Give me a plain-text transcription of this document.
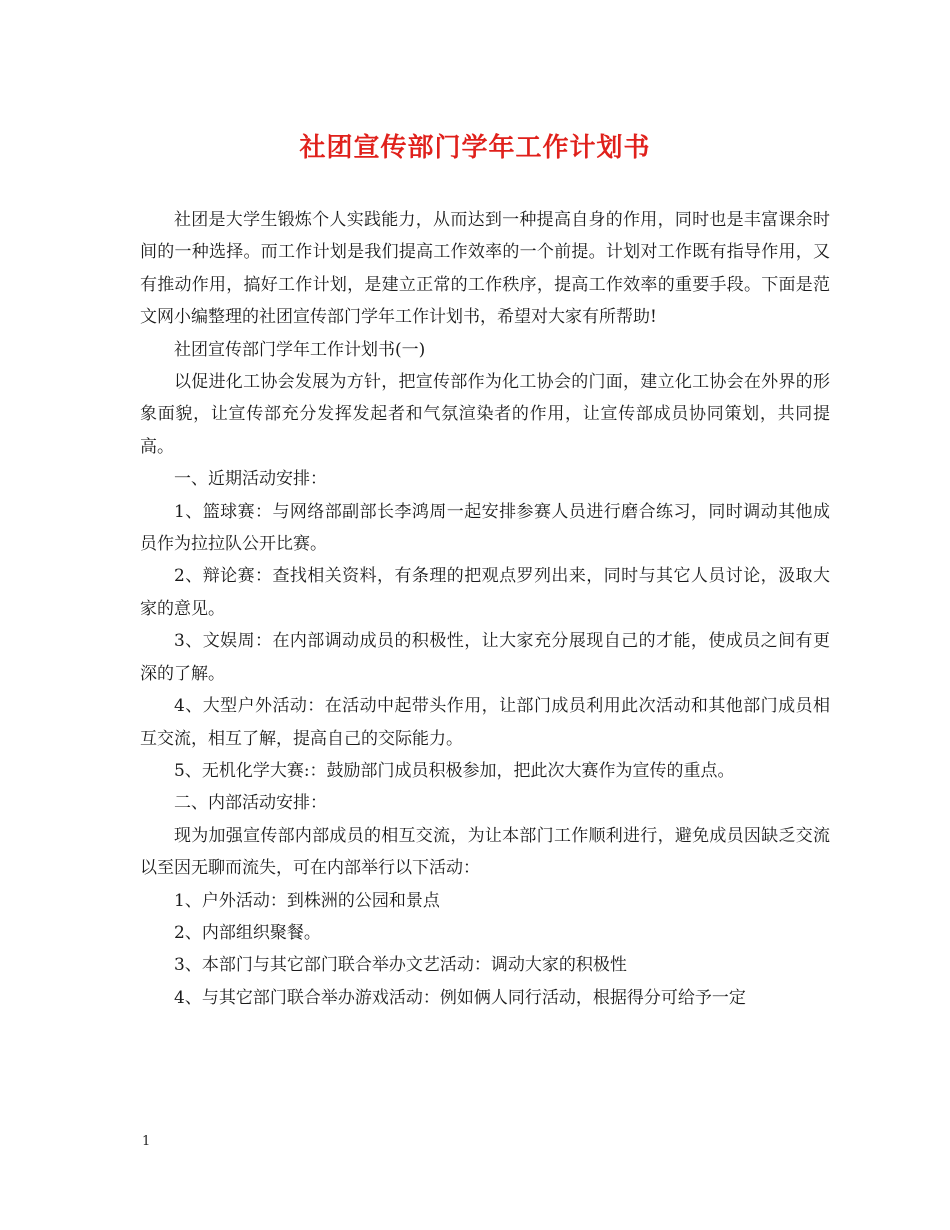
社团宣传部门学年工作计划书

社团是大学生锻炼个人实践能力，从而达到一种提高自身的作用，同时也是丰富课余时间的一种选择。而工作计划是我们提高工作效率的一个前提。计划对工作既有指导作用，又有推动作用，搞好工作计划，是建立正常的工作秩序，提高工作效率的重要手段。下面是范文网小编整理的社团宣传部门学年工作计划书，希望对大家有所帮助!

社团宣传部门学年工作计划书(一)

以促进化工协会发展为方针，把宣传部作为化工协会的门面，建立化工协会在外界的形象面貌，让宣传部充分发挥发起者和气氛渲染者的作用，让宣传部成员协同策划，共同提高。

一、近期活动安排：

1、篮球赛：与网络部副部长李鸿周一起安排参赛人员进行磨合练习，同时调动其他成员作为拉拉队公开比赛。

2、辩论赛：查找相关资料，有条理的把观点罗列出来，同时与其它人员讨论，汲取大家的意见。

3、文娱周：在内部调动成员的积极性，让大家充分展现自己的才能，使成员之间有更深的了解。

4、大型户外活动：在活动中起带头作用，让部门成员利用此次活动和其他部门成员相互交流，相互了解，提高自己的交际能力。

5、无机化学大赛:：鼓励部门成员积极参加，把此次大赛作为宣传的重点。

二、内部活动安排：

现为加强宣传部内部成员的相互交流，为让本部门工作顺利进行，避免成员因缺乏交流以至因无聊而流失，可在内部举行以下活动：

1、户外活动：到株洲的公园和景点

2、内部组织聚餐。

3、本部门与其它部门联合举办文艺活动：调动大家的积极性

4、与其它部门联合举办游戏活动：例如俩人同行活动，根据得分可给予一定

1
